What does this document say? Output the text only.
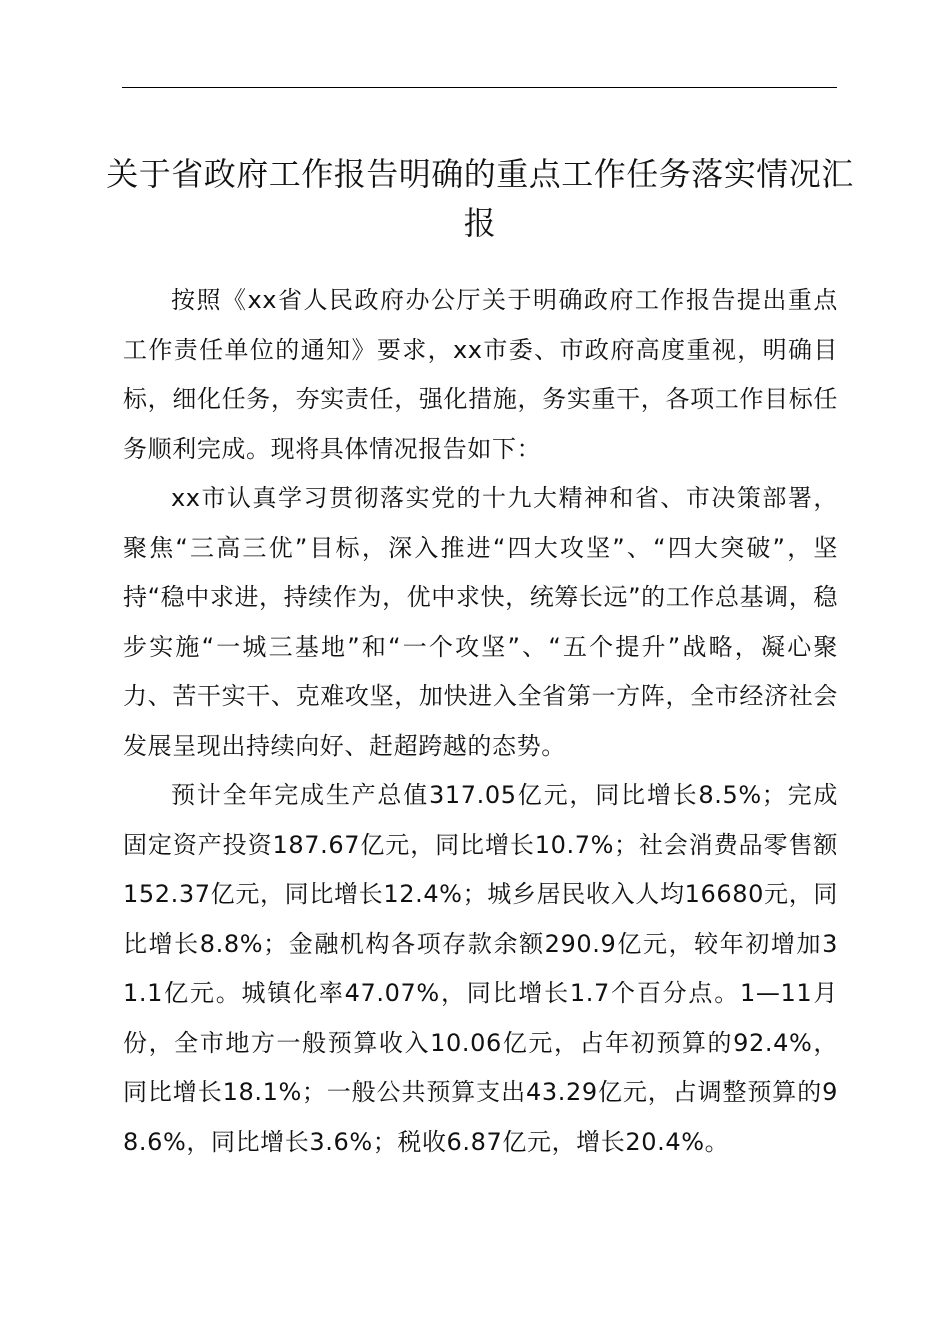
关于省政府工作报告明确的重点工作任务落实情况汇报

按照《xx省人民政府办公厅关于明确政府工作报告提出重点工作责任单位的通知》要求，xx市委、市政府高度重视，明确目标，细化任务，夯实责任，强化措施，务实重干，各项工作目标任务顺利完成。现将具体情况报告如下：

xx市认真学习贯彻落实党的十九大精神和省、市决策部署，聚焦“三高三优”目标，深入推进“四大攻坚”、“四大突破”，坚持“稳中求进，持续作为，优中求快，统筹长远”的工作总基调，稳步实施“一城三基地”和“一个攻坚”、“五个提升”战略，凝心聚力、苦干实干、克难攻坚，加快进入全省第一方阵，全市经济社会发展呈现出持续向好、赶超跨越的态势。

预计全年完成生产总值317.05亿元，同比增长8.5%；完成固定资产投资187.67亿元，同比增长10.7%；社会消费品零售额152.37亿元，同比增长12.4%；城乡居民收入人均16680元，同比增长8.8%；金融机构各项存款余额290.9亿元，较年初增加31.1亿元。城镇化率47.07%，同比增长1.7个百分点。1—11月份，全市地方一般预算收入10.06亿元，占年初预算的92.4%，同比增长18.1%；一般公共预算支出43.29亿元，占调整预算的98.6%，同比增长3.6%；税收6.87亿元，增长20.4%。
